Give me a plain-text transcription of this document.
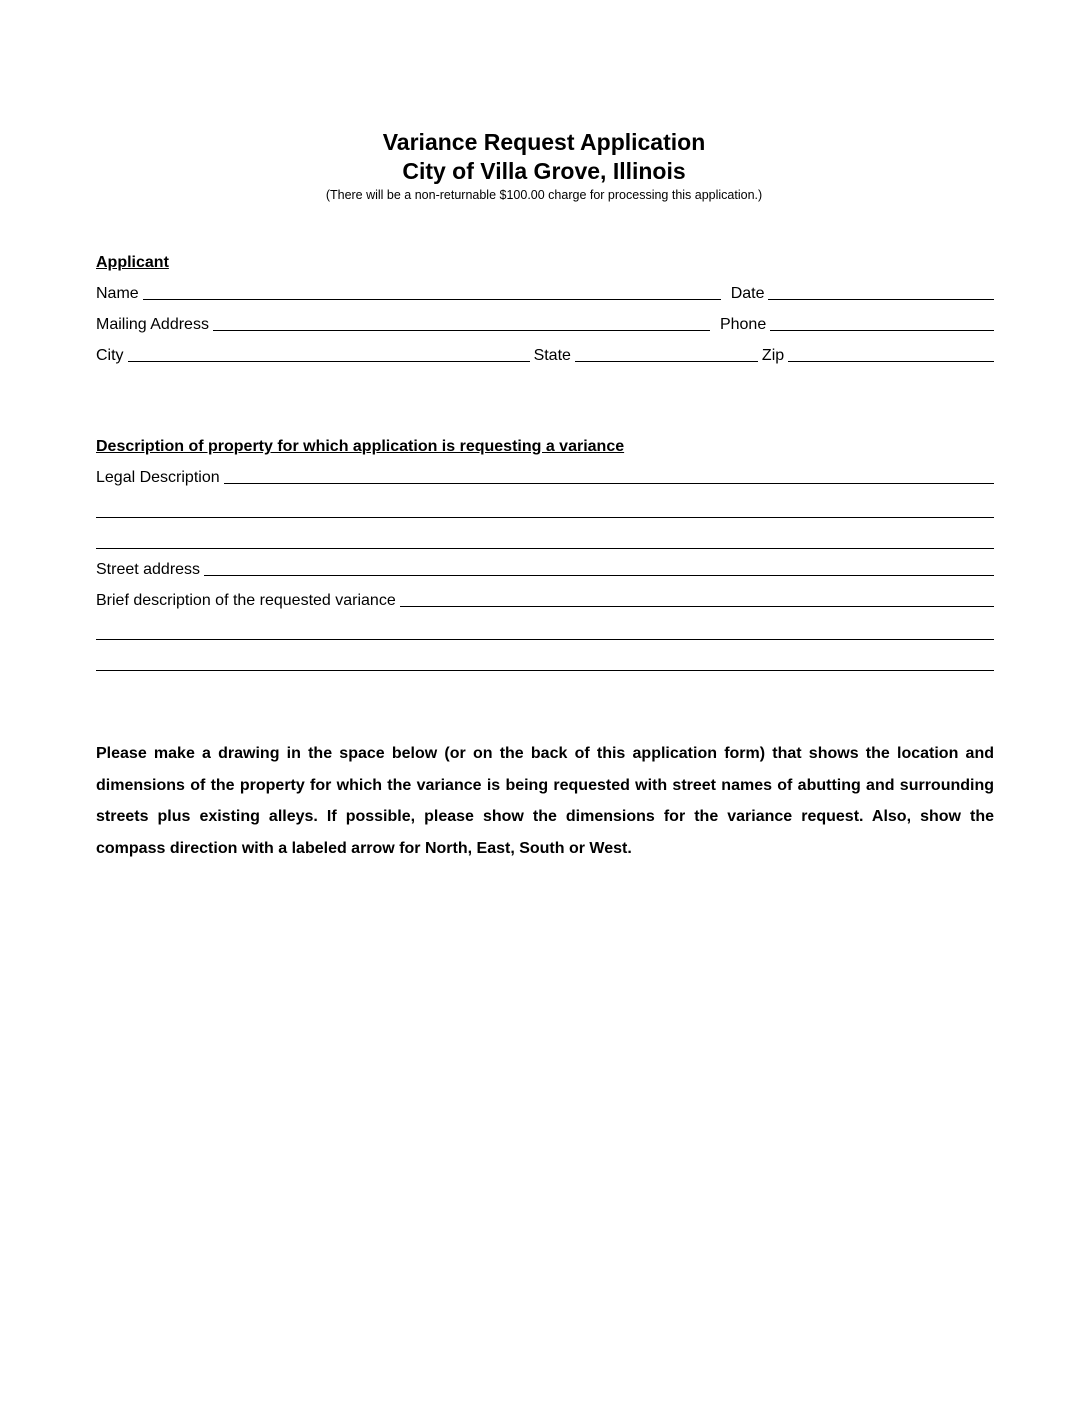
Variance Request Application

City of Villa Grove, Illinois

(There will be a non-returnable $100.00 charge for processing this application.)

Applicant

Name	Date
Mailing Address	Phone
City	State	Zip

Description of property for which application is requesting a variance

Legal Description
Street address
Brief description of the requested variance

Please make a drawing in the space below (or on the back of this application form) that shows the location and dimensions of the property for which the variance is being requested with street names of abutting and surrounding streets plus existing alleys. If possible, please show the dimensions for the variance request. Also, show the compass direction with a labeled arrow for North, East, South or West.
